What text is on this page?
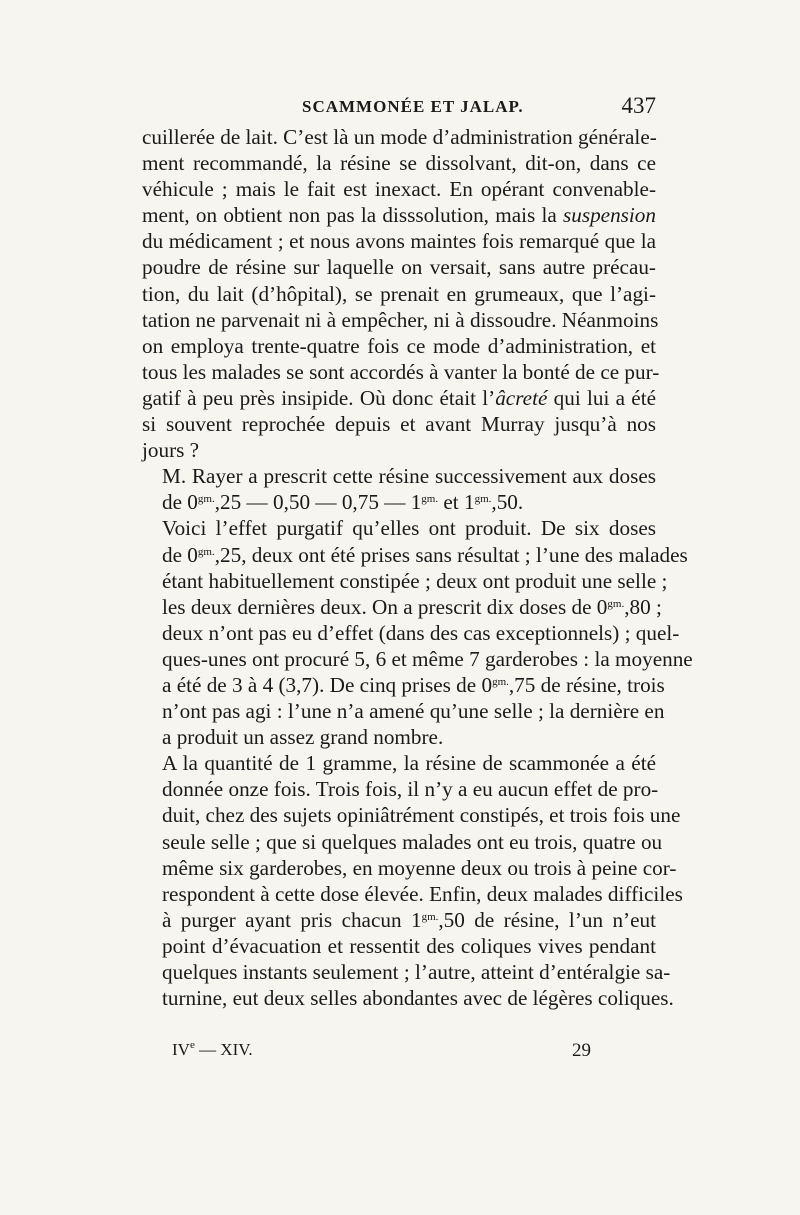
SCAMMONÉE ET JALAP.	437

cuillerée de lait. C’est là un mode d’administration générale-
ment recommandé, la résine se dissolvant, dit-on, dans ce
véhicule ; mais le fait est inexact. En opérant convenable-
ment, on obtient non pas la disssolution, mais la suspension
du médicament ; et nous avons maintes fois remarqué que la
poudre de résine sur laquelle on versait, sans autre précau-
tion, du lait (d’hôpital), se prenait en grumeaux, que l’agi-
tation ne parvenait ni à empêcher, ni à dissoudre. Néanmoins
on employa trente-quatre fois ce mode d’administration, et
tous les malades se sont accordés à vanter la bonté de ce pur-
gatif à peu près insipide. Où donc était l’âcreté qui lui a été
si souvent reprochée depuis et avant Murray jusqu’à nos
jours ?

M. Rayer a prescrit cette résine successivement aux doses
de $0^{gm.},25$ — 0,50 — 0,75 — $1^{gm.}$ et $1^{gm.},50$.

Voici l’effet purgatif qu’elles ont produit. De six doses
de $0^{gm.},25$, deux ont été prises sans résultat ; l’une des malades
étant habituellement constipée ; deux ont produit une selle ;
les deux dernières deux. On a prescrit dix doses de $0^{gm.},80$ ;
deux n’ont pas eu d’effet (dans des cas exceptionnels) ; quel-
ques-unes ont procuré 5, 6 et même 7 garderobes : la moyenne
a été de 3 à 4 (3,7). De cinq prises de $0^{gm.},75$ de résine, trois
n’ont pas agi : l’une n’a amené qu’une selle ; la dernière en
a produit un assez grand nombre.

A la quantité de 1 gramme, la résine de scammonée a été
donnée onze fois. Trois fois, il n’y a eu aucun effet de pro-
duit, chez des sujets opiniâtrément constipés, et trois fois une
seule selle ; que si quelques malades ont eu trois, quatre ou
même six garderobes, en moyenne deux ou trois à peine cor-
respondent à cette dose élevée. Enfin, deux malades difficiles
à purger ayant pris chacun $1^{gm.},50$ de résine, l’un n’eut
point d’évacuation et ressentit des coliques vives pendant
quelques instants seulement ; l’autre, atteint d’entéralgie sa-
turnine, eut deux selles abondantes avec de légères coliques.

IVe — XIV.	29
